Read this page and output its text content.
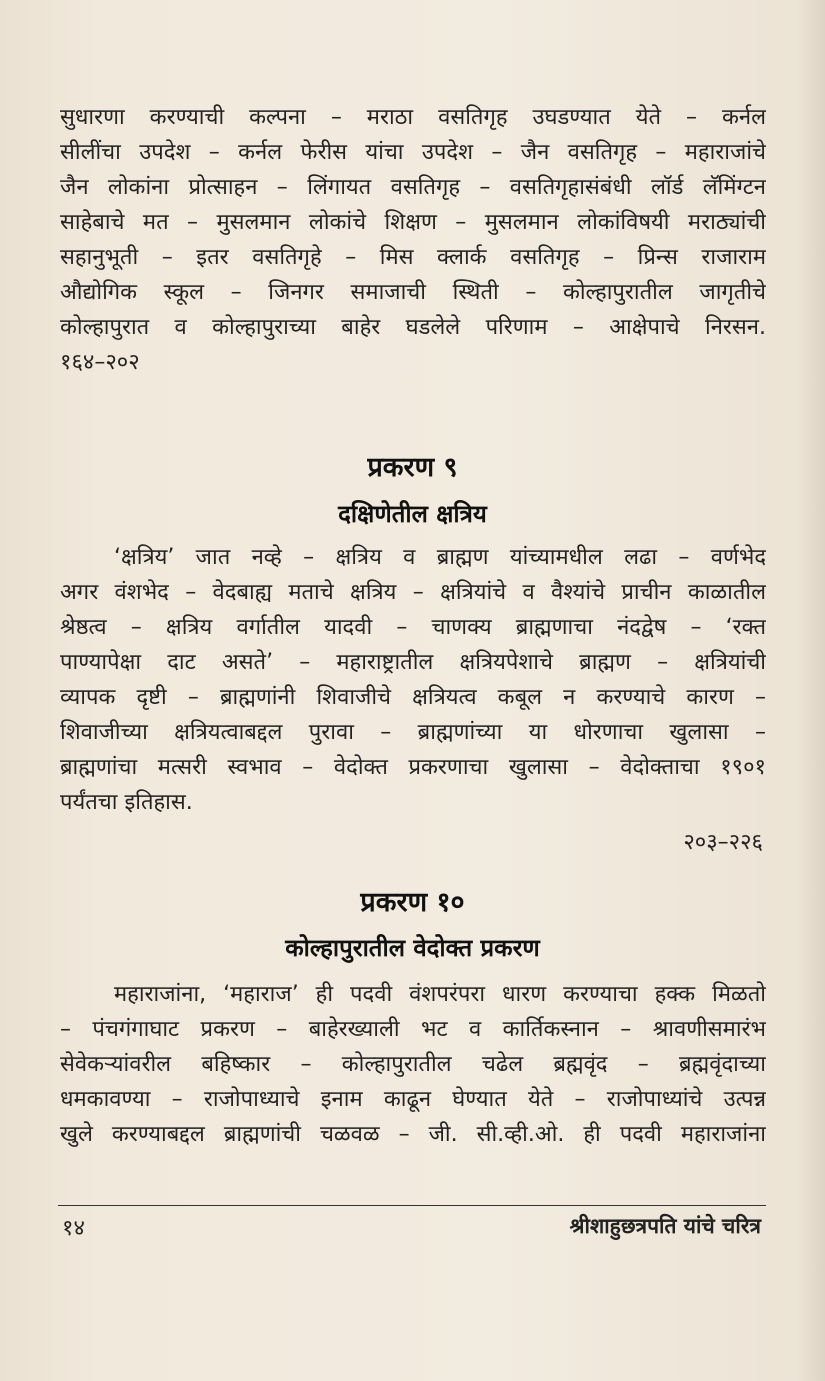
सुधारणा करण्याची कल्पना – मराठा वसतिगृह उघडण्यात येते – कर्नल
सीलींचा उपदेश – कर्नल फेरीस यांचा उपदेश – जैन वसतिगृह – महाराजांचे
जैन लोकांना प्रोत्साहन – लिंगायत वसतिगृह – वसतिगृहासंबंधी लॉर्ड लॅमिंग्टन
साहेबाचे मत – मुसलमान लोकांचे शिक्षण – मुसलमान लोकांविषयी मराठ्यांची
सहानुभूती – इतर वसतिगृहे – मिस क्लार्क वसतिगृह – प्रिन्स राजाराम
औद्योगिक स्कूल – जिनगर समाजाची स्थिती – कोल्हापुरातील जागृतीचे
कोल्हापुरात व कोल्हापुराच्या बाहेर घडलेले परिणाम – आक्षेपाचे निरसन.
१६४–२०२
प्रकरण ९
दक्षिणेतील क्षत्रिय
‘क्षत्रिय’ जात नव्हे – क्षत्रिय व ब्राह्मण यांच्यामधील लढा – वर्णभेद
अगर वंशभेद – वेदबाह्य मताचे क्षत्रिय – क्षत्रियांचे व वैश्यांचे प्राचीन काळातील
श्रेष्ठत्व – क्षत्रिय वर्गातील यादवी – चाणक्य ब्राह्मणाचा नंदद्वेष – ‘रक्त
पाण्यापेक्षा दाट असते’ – महाराष्ट्रातील क्षत्रियपेशाचे ब्राह्मण – क्षत्रियांची
व्यापक दृष्टी – ब्राह्मणांनी शिवाजीचे क्षत्रियत्व कबूल न करण्याचे कारण –
शिवाजीच्या क्षत्रियत्वाबद्दल पुरावा – ब्राह्मणांच्या या धोरणाचा खुलासा –
ब्राह्मणांचा मत्सरी स्वभाव – वेदोक्त प्रकरणाचा खुलासा – वेदोक्ताचा १९०१
पर्यंतचा इतिहास.
२०३–२२६
प्रकरण १०
कोल्हापुरातील वेदोक्त प्रकरण
महाराजांना, ‘महाराज’ ही पदवी वंशपरंपरा धारण करण्याचा हक्क मिळतो
– पंचगंगाघाट प्रकरण – बाहेरख्याली भट व कार्तिकस्नान – श्रावणीसमारंभ
सेवेकऱ्यांवरील बहिष्कार – कोल्हापुरातील चढेल ब्रह्मवृंद – ब्रह्मवृंदाच्या
धमकावण्या – राजोपाध्याचे इनाम काढून घेण्यात येते – राजोपाध्यांचे उत्पन्न
खुले करण्याबद्दल ब्राह्मणांची चळवळ – जी. सी.व्ही.ओ. ही पदवी महाराजांना
१४	श्रीशाहुछत्रपति यांचे चरित्र
